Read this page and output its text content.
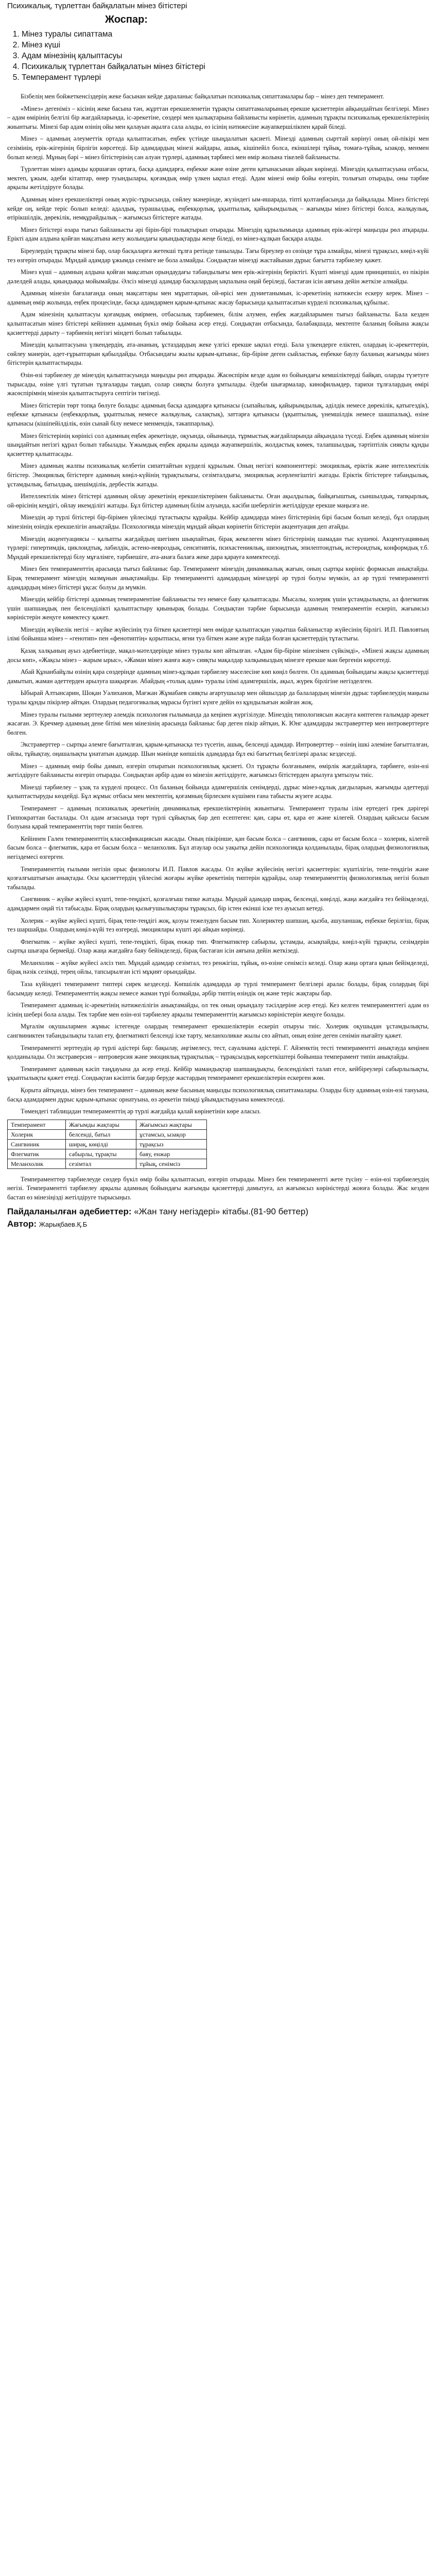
Психикалық, түрлеттан байқалатын мінез бітістері
Жоспар:
1. Мінез туралы сипаттама
2. Мінез күші
3. Адам мінезінің қалыптасуы
4. Психикалық түрлеттан байқалатын мінез бітістері
5. Темперамент түрлері

Бізбелің мен бойжеткенсіздерің жеке басынан кейде дараланыс байқалатын психикалық сипаттамалары бар – мінез деп темперамент.

«Мінез» дегеніміз – кісінің жеке басына тән, жұрттан ерекшеленетін тұрақты сипаттамаларының ерекше қасиеттерін айқындайтын белгілері. Мінез – адам өмірінің белгілі бір жағдайларында, іс-әрекетіне, сөздері мен қылықтарына байланысты көрінетін, адамның тұрақты психикалық ерекшеліктерінің жиынтығы. Мінезі бар адам өзінің ойы мен қалауын ақылға сала алады, өз ісінің нәтижесіне жауапкершілікпен қарай біледі.

Мінез – адамның әлеуметтік ортада қалыптасатын, еңбек үстінде шыңдалатын қасиеті. Мінезді адамның сырттай көрінуі оның ой-пікірі мен сезімінің, ерік-жігерінің бірлігін көрсетеді. Бір адамдардың мінезі жайдары, ашық, кішіпейіл болса, екіншілері тұйық, томаға-тұйық, ызақор, менмен болып келеді. Мұның бәрі – мінез бітістерінің сан алуан түрлері, адамның тәрбиесі мен өмір жолына тікелей байланысты.

Түрлеттан мінез адамды қоршаған ортаға, басқа адамдарға, еңбекке және өзіне деген қатынасынан айқын көрінеді. Мінездің қалыптасуына отбасы, мектеп, ұжым, әдеби кітаптар, өнер туындылары, қоғамдық өмір үлкен ықпал етеді. Адам мінезі өмір бойы өзгеріп, толығып отырады, оны тәрбие арқылы жетілдіруге болады.

Адамның мінез ерекшеліктері оның жүріс-тұрысында, сөйлеу мәнерінде, жүзіндегі ым-ишарада, тіпті қолтаңбасында да байқалады. Мінез бітістері кейде оң, кейде теріс болып келеді: адалдық, турашылдық, еңбекқорлық, ұқыптылық, қайырымдылық – жағымды мінез бітістері болса, жалқаулық, өтірікшілдік, дөрекілік, немқұрайдылық – жағымсыз бітістерге жатады.

Мінез бітістері өзара тығыз байланысты әрі бірін-бірі толықтырып отырады. Мінездің құрылымында адамның ерік-жігері маңызды рөл атқарады. Ерікті адам алдына қойған мақсатына жету жолындағы қиындықтарды жеңе біледі, өз мінез-құлқын басқара алады.

Біреулердің тұрақты мінезі бар, олар басқаларға жетекші тұлға ретінде танылады. Тағы біреулер өз сөзінде тұра алмайды, мінезі тұрақсыз, көңіл-күйі тез өзгеріп отырады. Мұндай адамдар ұжымда сенімге ие бола алмайды. Сондықтан мінезді жастайынан дұрыс бағытта тәрбиелеу қажет.

Мінез күші – адамның алдына қойған мақсатын орындаудағы табандылығы мен ерік-жігерінің беріктігі. Күшті мінезді адам принципшіл, өз пікірін дәлелдей алады, қиындыққа мойымайды. Әлсіз мінезді адамдар басқалардың ықпалына оңай беріледі, бастаған ісін аяғына дейін жеткізе алмайды.

Адамның мінезін бағалағанда оның мақсаттары мен мұраттарын, ой-өрісі мен дүниетанымын, іс-әрекетінің нәтижесін ескеру керек. Мінез – адамның өмір жолында, еңбек процесінде, басқа адамдармен қарым-қатынас жасау барысында қалыптасатын күрделі психикалық құбылыс.

Адам мінезінің қалыптасуы қоғамдық өмірмен, отбасылық тәрбиемен, білім алумен, еңбек жағдайларымен тығыз байланысты. Бала кезден қалыптасатын мінез бітістері кейіннен адамның бүкіл өмір бойына әсер етеді. Сондықтан отбасында, балабақшада, мектепте баланың бойына жақсы қасиеттерді дарыту – тәрбиенің негізгі міндеті болып табылады.

Мінездің қалыптасуына үлкендердің, ата-ананың, ұстаздардың жеке үлгісі ерекше ықпал етеді. Бала үлкендерге еліктеп, олардың іс-әрекеттерін, сөйлеу мәнерін, әдет-ғұрыптарын қабылдайды. Отбасындағы жылы қарым-қатынас, бір-біріне деген сыйластық, еңбекке баулу баланың жағымды мінез бітістерін қалыптастырады.

Өзін-өзі тәрбиелеу де мінездің қалыптасуында маңызды рөл атқарады. Жасөспірім кезде адам өз бойындағы кемшіліктерді байқап, оларды түзетуге тырысады, өзіне үлгі тұтатын тұлғаларды таңдап, солар сияқты болуға ұмтылады. Әдеби шығармалар, кинофильмдер, тарихи тұлғалардың өмірі жасөспірімнің мінезін қалыптастыруға септігін тигізеді.

Мінез бітістерін төрт топқа бөлуге болады: адамның басқа адамдарға қатынасы (сыпайылық, қайырымдылық, әділдік немесе дөрекілік, қатыгездік), еңбекке қатынасы (еңбекқорлық, ұқыптылық немесе жалқаулық, салақтық), заттарға қатынасы (ұқыптылық, үнемшілдік немесе шашпалық), өзіне қатынасы (кішіпейілділік, өзін сынай білу немесе менмендік, тәкаппарлық).

Мінез бітістерінің көрінісі сол адамның еңбек әрекетінде, оқуында, ойынында, тұрмыстық жағдайларында айқындала түседі. Еңбек адамның мінезін шыңдайтын негізгі құрал болып табылады. Ұжымдық еңбек арқылы адамда жауапкершілік, жолдастық көмек, талапшылдық, тәртіптілік сияқты құнды қасиеттер қалыптасады.

Мінез адамның жалпы психикалық келбетін сипаттайтын күрделі құрылым. Оның негізгі компоненттері: эмоциялық, еріктік және интеллектілік бітістер. Эмоциялық бітістерге адамның көңіл-күйінің тұрақтылығы, сезімталдығы, эмоциялық әсерленгіштігі жатады. Еріктік бітістерге табандылық, ұстамдылық, батылдық, шешімділік, дербестік жатады.

Интеллектілік мінез бітістері адамның ойлау әрекетінің ерекшеліктерімен байланысты. Оған ақылдылық, байқағыштық, сыншылдық, тапқырлық, ой-өрісінің кеңдігі, ойлау икемділігі жатады. Бұл бітістер адамның білім алуында, кәсіби шеберлігін жетілдіруде ерекше маңызға ие.

Мінездің әр түрлі бітістері бір-бірімен үйлесімді тұтастықты құрайды. Кейбір адамдарда мінез бітістерінің бірі басым болып келеді, бұл олардың мінезінің өзіндік ерекшелігін анықтайды. Психологияда мінездің мұндай айқын көрінетін бітістерін акцентуация деп атайды.

Мінездің акцентуациясы – қалыпты жағдайдың шегінен шықпайтын, бірақ жекелеген мінез бітістерінің шамадан тыс күшеюі. Акцентуацияның түрлері: гипертимдік, циклоидтық, лабилдік, астено-невроздық, сенситивтік, психастениялық, шизоидтық, эпилептоидтық, истероидтық, конформдық т.б. Мұндай ерекшеліктерді білу мұғалімге, тәрбиешіге, ата-анаға балаға жеке дара қарауға көмектеседі.

Мінез бен темпераменттің арасында тығыз байланыс бар. Темперамент мінездің динамикалық жағын, оның сыртқы көрініс формасын анықтайды. Бірақ темперамент мінездің мазмұнын анықтамайды. Бір темпераментті адамдардың мінездері әр түрлі болуы мүмкін, ал әр түрлі темпераментті адамдардың мінез бітістері ұқсас болуы да мүмкін.

Мінездің кейбір бітістері адамның темпераментіне байланысты тез немесе баяу қалыптасады. Мысалы, холерик үшін ұстамдылықты, ал флегматик үшін шапшаңдық пен белсенділікті қалыптастыру қиынырақ болады. Сондықтан тәрбие барысында адамның темпераментін ескеріп, жағымсыз көріністерін жеңуге көмектесу қажет.

Мінездің жүйкелік негізі – жүйке жүйесінің туа біткен қасиеттері мен өмірде қалыптасқан уақытша байланыстар жүйесінің бірлігі. И.П. Павловтың ілімі бойынша мінез – «генотип» пен «фенотиптің» қорытпасы, яғни туа біткен және жүре пайда болған қасиеттердің тұтастығы.

Қазақ халқының ауыз әдебиетінде, мақал-мәтелдерінде мінез туралы көп айтылған. «Адам бір-біріне мінезімен сүйкімді», «Мінезі жақсы адамның досы көп», «Жақсы мінез – жарым ырыс», «Жаман мінез жанға жау» сияқты мақалдар халқымыздың мінезге ерекше мән бергенін көрсетеді.

Абай Құнанбайұлы өзінің қара сөздерінде адамның мінез-құлқын тәрбиелеу мәселесіне көп көңіл бөлген. Ол адамның бойындағы жақсы қасиеттерді дамытып, жаман әдеттерден арылуға шақырған. Абайдың «толық адам» туралы ілімі адамгершілік, ақыл, жүрек бірлігіне негізделген.

Ыбырай Алтынсарин, Шоқан Уәлиханов, Мағжан Жұмабаев сияқты ағартушылар мен ойшылдар да балалардың мінезін дұрыс тәрбиелеудің маңызы туралы құнды пікірлер айтқан. Олардың педагогикалық мұрасы бүгінгі күнге дейін өз құндылығын жойған жоқ.

Мінез туралы ғылыми зерттеулер әлемдік психология ғылымында да кеңінен жүргізілуде. Мінездің типологиясын жасауға көптеген ғалымдар әрекет жасаған. Э. Кречмер адамның дене бітімі мен мінезінің арасында байланыс бар деген пікір айтқан, К. Юнг адамдарды экстраверттер мен интроверттерге бөлген.

Экстраверттер – сыртқы әлемге бағытталған, қарым-қатынасқа тез түсетін, ашық, белсенді адамдар. Интроверттер – өзінің ішкі әлеміне бағытталған, ойлы, тұйықтау, оңашалықты ұнататын адамдар. Шын мәнінде көпшілік адамдарда бұл екі бағыттың белгілері аралас кездеседі.

Мінез – адамның өмір бойы дамып, өзгеріп отыратын психологиялық қасиеті. Ол тұрақты болғанымен, өмірлік жағдайларға, тәрбиеге, өзін-өзі жетілдіруге байланысты өзгеріп отырады. Сондықтан әрбір адам өз мінезін жетілдіруге, жағымсыз бітістерден арылуға ұмтылуы тиіс.

Мінезді тәрбиелеу – ұзақ та күрделі процесс. Ол баланың бойында адамгершілік сенімдерді, дұрыс мінез-құлық дағдыларын, жағымды әдеттерді қалыптастыруды көздейді. Бұл жұмыс отбасы мен мектептің, қоғамның бірлескен күшімен ғана табысты жүзеге асады.

Темперамент – адамның психикалық әрекетінің динамикалық ерекшеліктерінің жиынтығы. Темперамент туралы ілім ертедегі грек дәрігері Гиппократтан басталады. Ол адам ағзасында төрт түрлі сұйықтық бар деп есептеген: қан, сары өт, қара өт және кілегей. Олардың қайсысы басым болуына қарай темпераменттің төрт типін бөлген.

Кейіннен Гален темпераменттің классификациясын жасады. Оның пікірінше, қан басым болса – сангвиник, сары өт басым болса – холерик, кілегей басым болса – флегматик, қара өт басым болса – меланхолик. Бұл атаулар осы уақытқа дейін психологияда қолданылады, бірақ олардың физиологиялық негіздемесі өзгерген.

Темпераменттің ғылыми негізін орыс физиологы И.П. Павлов жасады. Ол жүйке жүйесінің негізгі қасиеттерін: күштілігін, тепе-теңдігін және қозғалғыштығын анықтады. Осы қасиеттердің үйлесімі жоғары жүйке әрекетінің типтерін құрайды, олар темпераменттің физиологиялық негізі болып табылады.

Сангвиник – жүйке жүйесі күшті, тепе-теңдікті, қозғалғыш типке жатады. Мұндай адамдар ширақ, белсенді, көңілді, жаңа жағдайға тез бейімделеді, адамдармен оңай тіл табысады. Бірақ олардың қызығушылықтары тұрақсыз, бір істен екінші іске тез ауысып кетеді.

Холерик – жүйке жүйесі күшті, бірақ тепе-теңдігі жоқ, қозуы тежелуден басым тип. Холериктер шапшаң, қызба, ашуланшақ, еңбекке берілгіш, бірақ тез шаршайды. Олардың көңіл-күйі тез өзгереді, эмоциялары күшті әрі айқын көрінеді.

Флегматик – жүйке жүйесі күшті, тепе-теңдікті, бірақ енжар тип. Флегматиктер сабырлы, ұстамды, асықпайды, көңіл-күйі тұрақты, сезімдерін сыртқа шығара бермейді. Олар жаңа жағдайға баяу бейімделеді, бірақ бастаған ісін аяғына дейін жеткізеді.

Меланхолик – жүйке жүйесі әлсіз тип. Мұндай адамдар сезімтал, тез ренжігіш, тұйық, өз-өзіне сенімсіз келеді. Олар жаңа ортаға қиын бейімделеді, бірақ нәзік сезімді, терең ойлы, тапсырылған істі мұқият орындайды.

Таза күйіндегі темперамент типтері сирек кездеседі. Көпшілік адамдарда әр түрлі темперамент белгілері аралас болады, бірақ солардың бірі басымдау келеді. Темпераменттің жақсы немесе жаман түрі болмайды, әрбір типтің өзіндік оң және теріс жақтары бар.

Темперамент адамның іс-әрекетінің нәтижелілігін анықтамайды, ол тек оның орындалу тәсілдеріне әсер етеді. Кез келген темпераменттегі адам өз ісінің шебері бола алады. Тек тәрбие мен өзін-өзі тәрбиелеу арқылы темпераменттің жағымсыз көріністерін жеңуге болады.

Мұғалім оқушылармен жұмыс істегенде олардың темперамент ерекшеліктерін ескеріп отыруы тиіс. Холерик оқушыдан ұстамдылықты, сангвиниктен табандылықты талап ету, флегматикті белсенді іске тарту, меланхоликке жылы сөз айтып, оның өзіне деген сенімін нығайту қажет.

Темпераментті зерттеудің әр түрлі әдістері бар: бақылау, әңгімелесу, тест, сауалнама әдістері. Г. Айзенктің тесті темпераментті анықтауда кеңінен қолданылады. Ол экстраверсия – интроверсия және эмоциялық тұрақтылық – тұрақсыздық көрсеткіштері бойынша темперамент типін анықтайды.

Темперамент адамның кәсіп таңдауына да әсер етеді. Кейбір мамандықтар шапшаңдықты, белсенділікті талап етсе, кейбіреулері сабырлылықты, ұқыптылықты қажет етеді. Сондықтан кәсіптік бағдар беруде жастардың темперамент ерекшеліктерін ескерген жөн.

Қорыта айтқанда, мінез бен темперамент – адамның жеке басының маңызды психологиялық сипаттамалары. Оларды білу адамның өзін-өзі тануына, басқа адамдармен дұрыс қарым-қатынас орнатуына, өз әрекетін тиімді ұйымдастыруына көмектеседі.

Төмендегі таблицадан темпераменттің әр түрлі жағдайда қалай көрінетінін көре аласыз.

Темперамент	Жағымды жақтары	Жағымсыз жақтары
Холерик	белсенді, батыл	ұстамсыз, ызақор
Сангвиник	ширақ, көңілді	тұрақсыз
Флегматик	сабырлы, тұрақты	баяу, енжар
Меланхолик	сезімтал	тұйық, сенімсіз

Темпераменттер тарбиелеуде сөздер бүкіл өмір бойы қалыптасып, өзгеріп отырады. Мінез бен темпераментті жете түсіну – өзін-өзі тәрбиелеудің негізі. Темпераментті тәрбиелеу арқылы адамның бойындағы жағымды қасиеттерді дамытуға, ал жағымсыз көріністерді жоюға болады. Жас кезден бастап өз мінезіңізді жетілдіруге тырысыңыз.

Пайдаланылған әдебиеттер: «Жан тану негіздері» кітабы.(81-90 беттер)

Автор: Жарықбаев.Қ.Б
